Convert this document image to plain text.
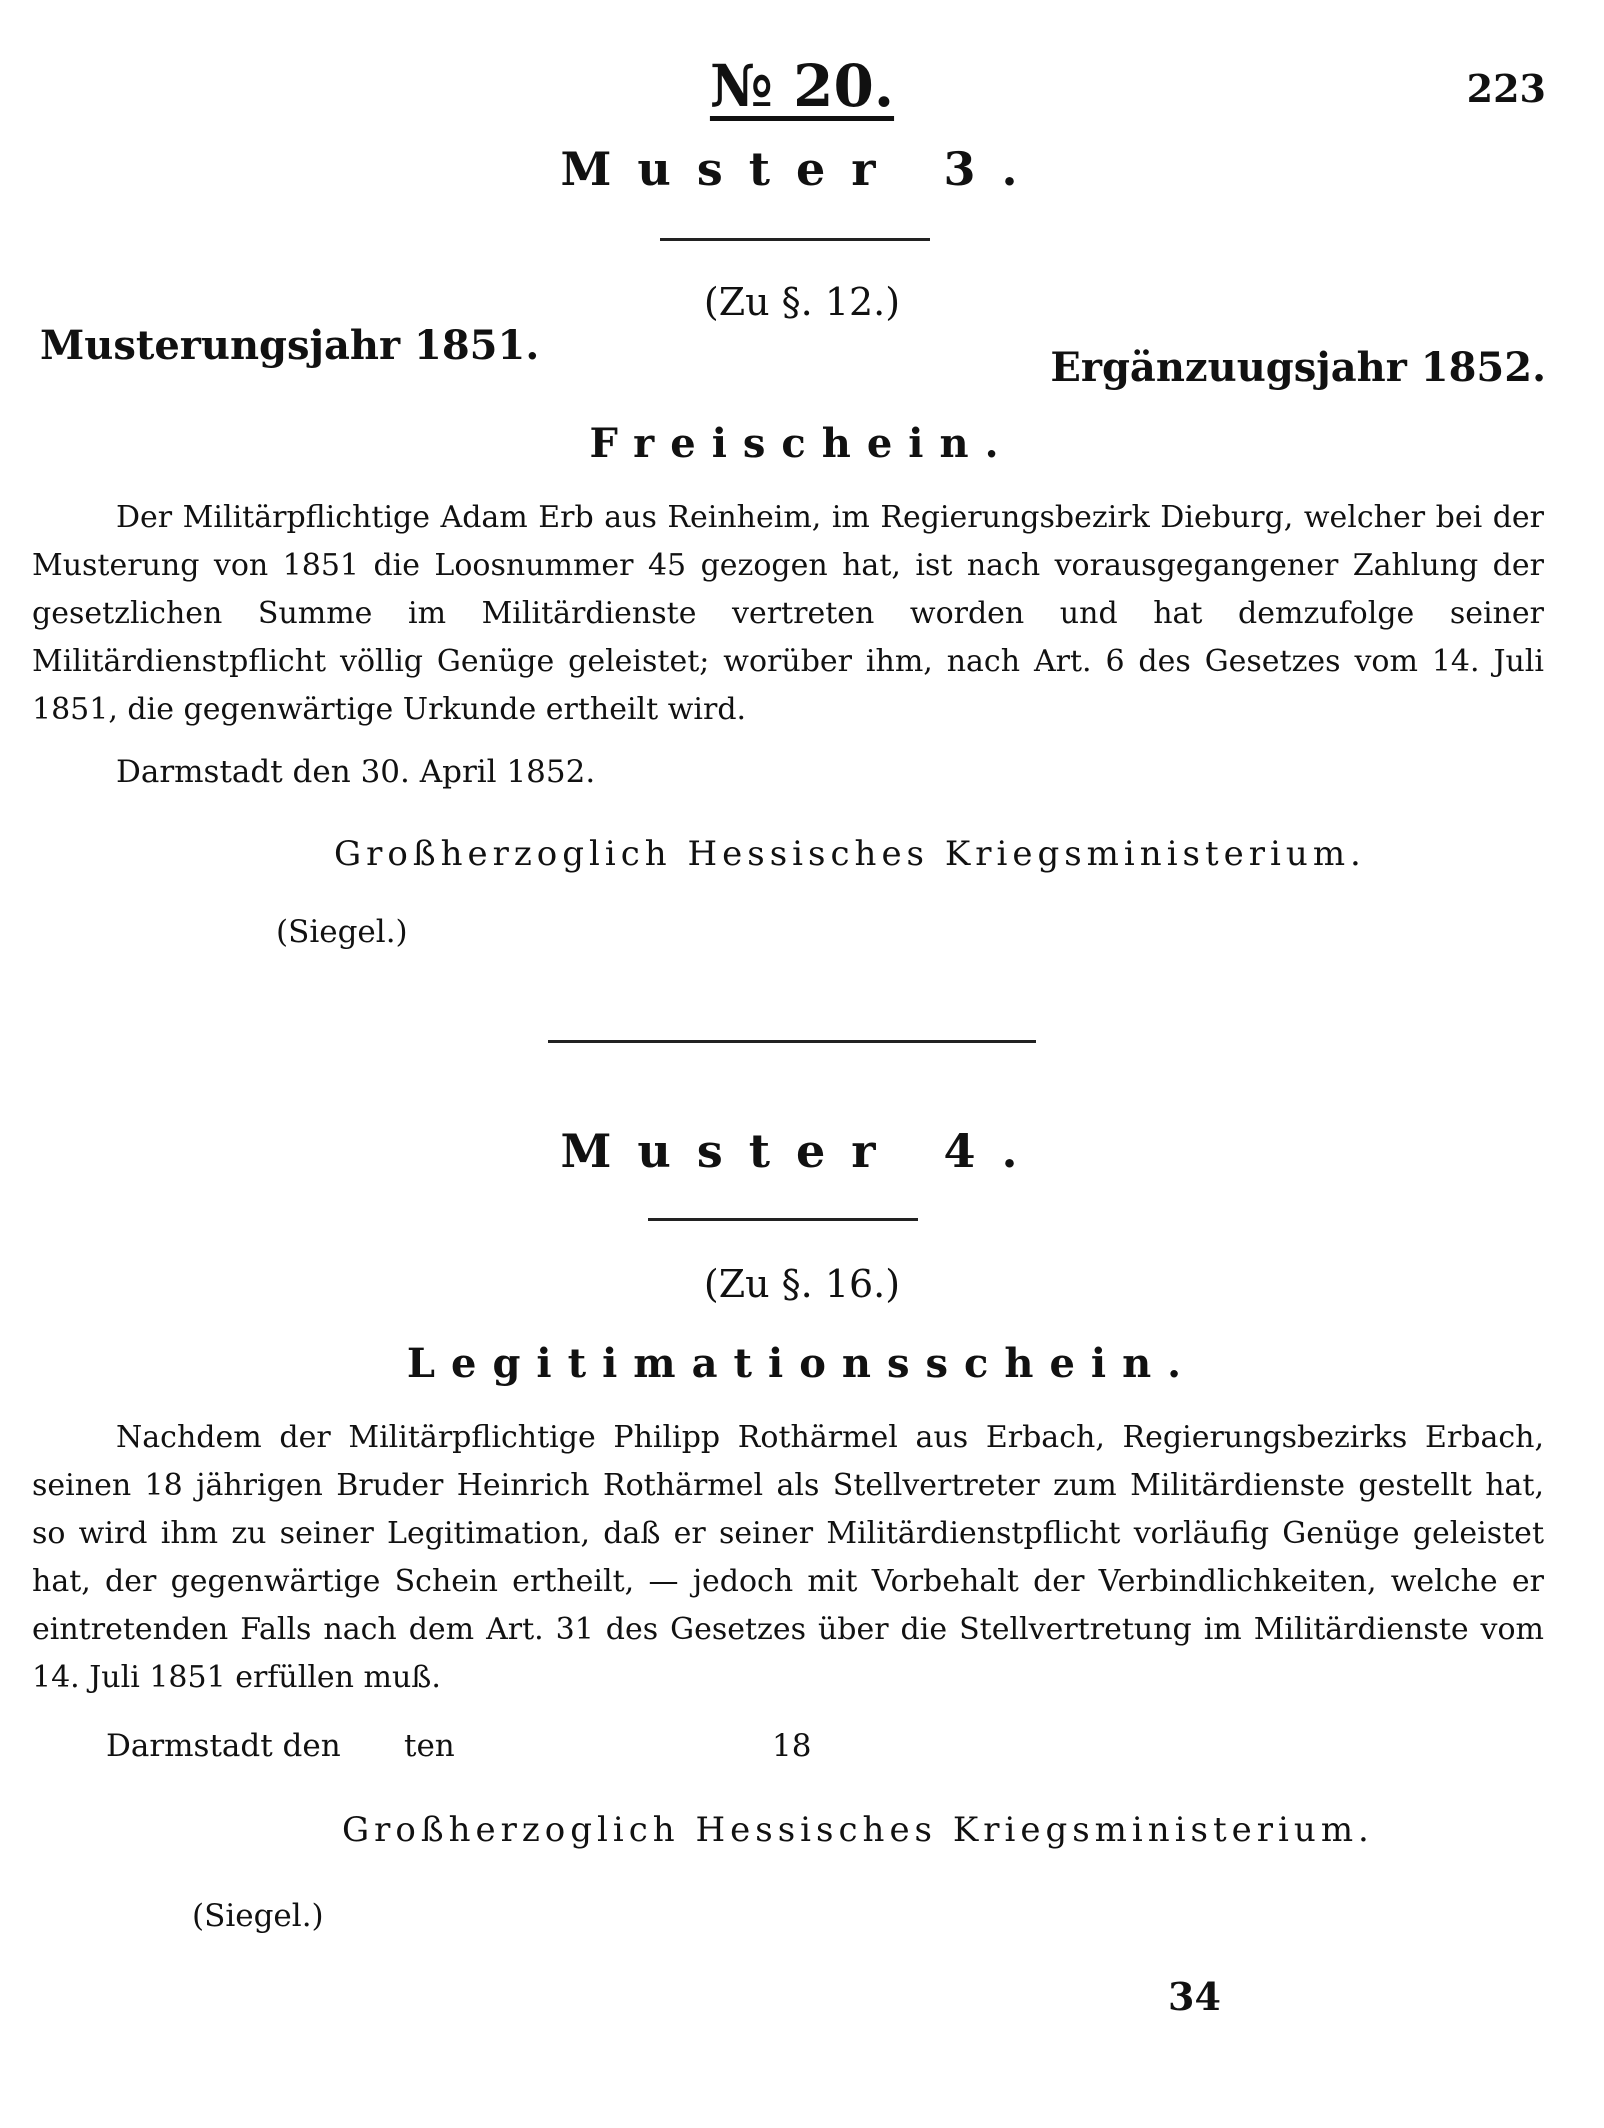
№ 20.	223
Muster 3.
(Zu §. 12.)
Musterungsjahr 1851.	Ergänzuugsjahr 1852.
Freischein.
Der Militärpflichtige Adam Erb aus Reinheim, im Regierungsbezirk Dieburg, welcher bei der Musterung von 1851 die Loosnummer 45 gezogen hat, ist nach vorausgegangener Zahlung der gesetzlichen Summe im Militärdienste vertreten worden und hat demzufolge seiner Militärdienstpflicht völlig Genüge geleistet; worüber ihm, nach Art. 6 des Gesetzes vom 14. Juli 1851, die gegenwärtige Urkunde ertheilt wird.
Darmstadt den 30. April 1852.
Großherzoglich Hessisches Kriegsministerium.
(Siegel.)
Muster 4.
(Zu §. 16.)
Legitimationsschein.
Nachdem der Militärpflichtige Philipp Rothärmel aus Erbach, Regierungsbezirks Erbach, seinen 18 jährigen Bruder Heinrich Rothärmel als Stellvertreter zum Militärdienste gestellt hat, so wird ihm zu seiner Legitimation, daß er seiner Militärdienstpflicht vorläufig Genüge geleistet hat, der gegenwärtige Schein ertheilt, — jedoch mit Vorbehalt der Verbindlichkeiten, welche er eintretenden Falls nach dem Art. 31 des Gesetzes über die Stellvertretung im Militärdienste vom 14. Juli 1851 erfüllen muß.
Darmstadt den ten	18
Großherzoglich Hessisches Kriegsministerium.
(Siegel.)
34
